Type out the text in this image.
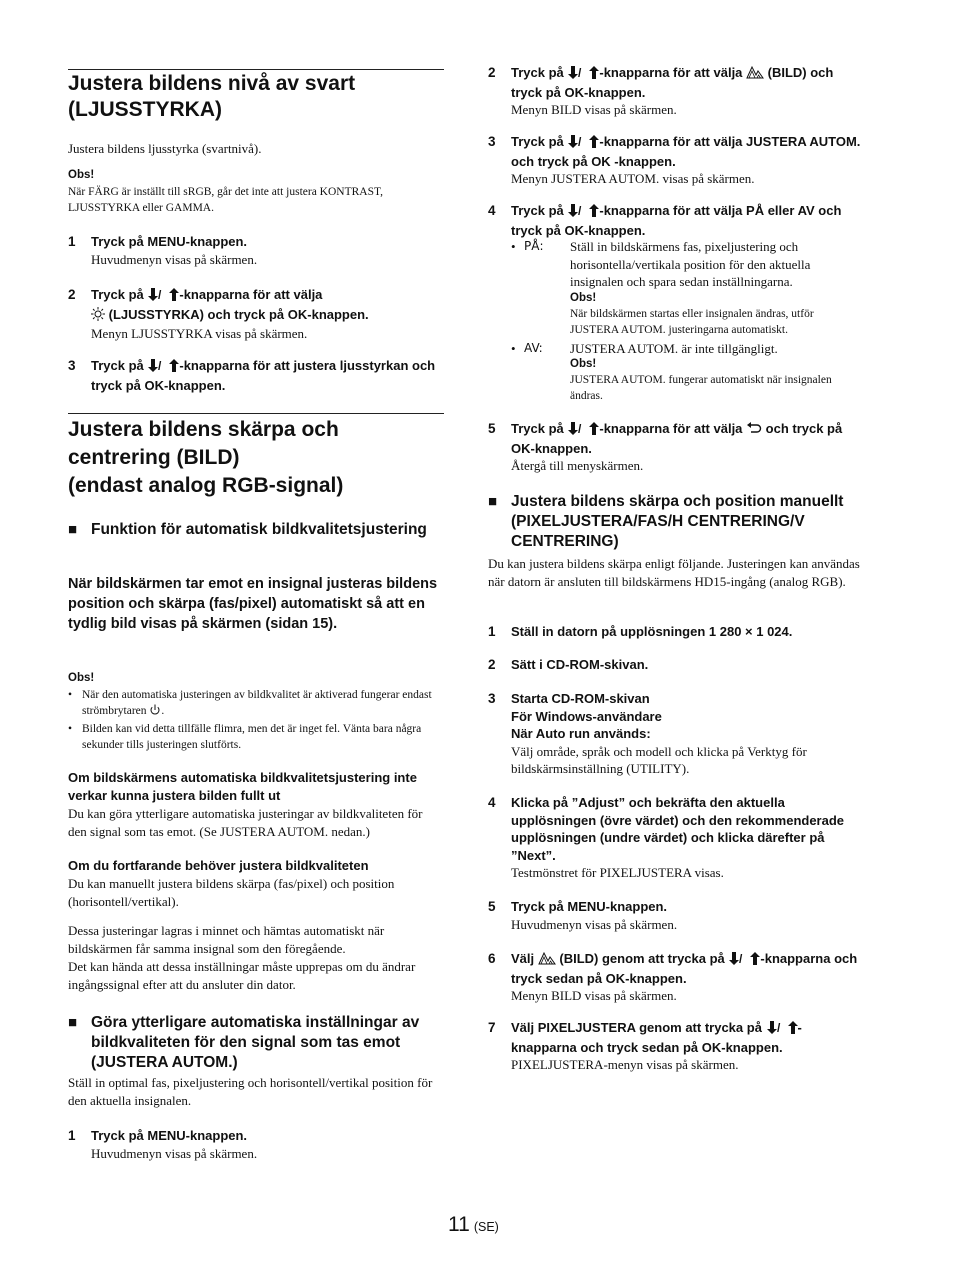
Justera bildens nivå av svart (LJUSSTYRKA)
Justera bildens ljusstyrka (svartnivå).
Obs!
När FÄRG är inställt till sRGB, går det inte att justera KONTRAST, LJUSSTYRKA eller GAMMA.
1 Tryck på MENU-knappen.
Huvudmenyn visas på skärmen.
2 Tryck på / -knapparna för att välja
(LJUSSTYRKA) och tryck på OK-knappen.
Menyn LJUSSTYRKA visas på skärmen.
3 Tryck på / -knapparna för att justera ljusstyrkan och tryck på OK-knappen.
Justera bildens skärpa och
centrering (BILD)
(endast analog RGB-signal)
■ Funktion för automatisk bildkvalitetsjustering
När bildskärmen tar emot en insignal justeras bildens position och skärpa (fas/pixel) automatiskt så att en tydlig bild visas på skärmen (sidan 15).
Obs!
• När den automatiska justeringen av bildkvalitet är aktiverad fungerar endast strömbrytaren .
• Bilden kan vid detta tillfälle flimra, men det är inget fel. Vänta bara några sekunder tills justeringen slutförts.
Om bildskärmens automatiska bildkvalitetsjustering inte verkar kunna justera bilden fullt ut
Du kan göra ytterligare automatiska justeringar av bildkvaliteten för den signal som tas emot. (Se JUSTERA AUTOM. nedan.)
Om du fortfarande behöver justera bildkvaliteten
Du kan manuellt justera bildens skärpa (fas/pixel) och position (horisontell/vertikal).
Dessa justeringar lagras i minnet och hämtas automatiskt när bildskärmen får samma insignal som den föregående.
Det kan hända att dessa inställningar måste upprepas om du ändrar ingångssignal efter att du ansluter din dator.
■ Göra ytterligare automatiska inställningar av bildkvaliteten för den signal som tas emot (JUSTERA AUTOM.)
Ställ in optimal fas, pixeljustering och horisontell/vertikal position för den aktuella insignalen.
1 Tryck på MENU-knappen.
Huvudmenyn visas på skärmen.
2 Tryck på / -knapparna för att välja  (BILD) och tryck på OK-knappen.
Menyn BILD visas på skärmen.
3 Tryck på / -knapparna för att välja JUSTERA AUTOM. och tryck på OK -knappen.
Menyn JUSTERA AUTOM. visas på skärmen.
4 Tryck på / -knapparna för att välja PÅ eller AV och tryck på OK-knappen.
• PÅ: Ställ in bildskärmens fas, pixeljustering och horisontella/vertikala position för den aktuella insignalen och spara sedan inställningarna.
Obs!
När bildskärmen startas eller insignalen ändras, utför JUSTERA AUTOM. justeringarna automatiskt.
• AV: JUSTERA AUTOM. är inte tillgängligt.
Obs!
JUSTERA AUTOM. fungerar automatiskt när insignalen ändras.
5 Tryck på / -knapparna för att välja  och tryck på OK-knappen.
Återgå till menyskärmen.
■ Justera bildens skärpa och position manuellt (PIXELJUSTERA/FAS/H CENTRERING/V CENTRERING)
Du kan justera bildens skärpa enligt följande. Justeringen kan användas när datorn är ansluten till bildskärmens HD15-ingång (analog RGB).
1 Ställ in datorn på upplösningen 1 280 × 1 024.
2 Sätt i CD-ROM-skivan.
3 Starta CD-ROM-skivan
För Windows-användare
När Auto run används:
Välj område, språk och modell och klicka på Verktyg för bildskärmsinställning (UTILITY).
4 Klicka på ”Adjust” och bekräfta den aktuella upplösningen (övre värdet) och den rekommenderade upplösningen (undre värdet) och klicka därefter på ”Next”.
Testmönstret för PIXELJUSTERA visas.
5 Tryck på MENU-knappen.
Huvudmenyn visas på skärmen.
6 Välj  (BILD) genom att trycka på / -knapparna och tryck sedan på OK-knappen.
Menyn BILD visas på skärmen.
7 Välj PIXELJUSTERA genom att trycka på / -knapparna och tryck sedan på OK-knappen.
PIXELJUSTERA-menyn visas på skärmen.
11 (SE)
